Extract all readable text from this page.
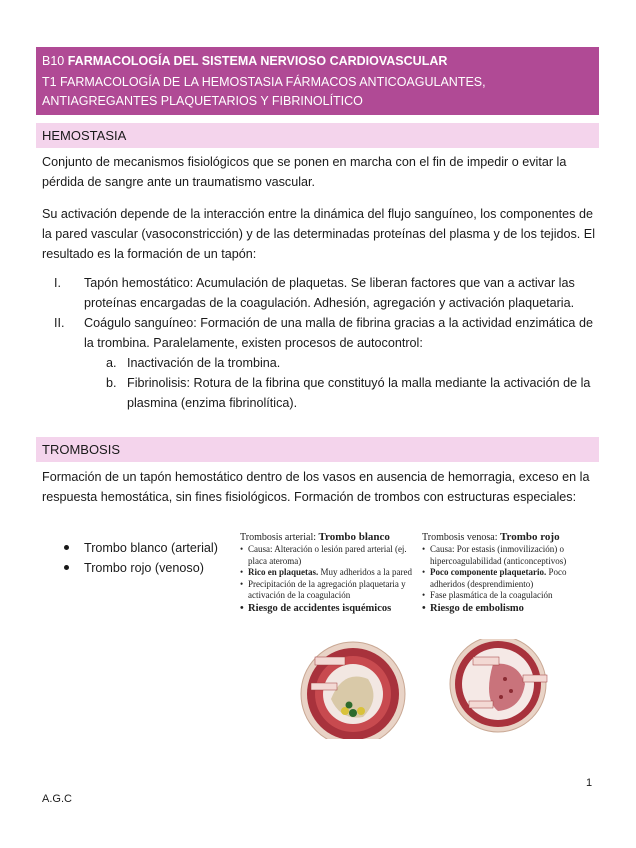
B10 FARMACOLOGÍA DEL SISTEMA NERVIOSO CARDIOVASCULAR
T1 FARMACOLOGÍA DE LA HEMOSTASIA FÁRMACOS ANTICOAGULANTES, ANTIAGREGANTES PLAQUETARIOS Y FIBRINOLÍTICO
HEMOSTASIA
Conjunto de mecanismos fisiológicos que se ponen en marcha con el fin de impedir o evitar la pérdida de sangre ante un traumatismo vascular.
Su activación depende de la interacción entre la dinámica del flujo sanguíneo, los componentes de la pared vascular (vasoconstricción) y de las determinadas proteínas del plasma y de los tejidos. El resultado es la formación de un tapón:
I. Tapón hemostático: Acumulación de plaquetas. Se liberan factores que van a activar las proteínas encargadas de la coagulación. Adhesión, agregación y activación plaquetaria.
II. Coágulo sanguíneo: Formación de una malla de fibrina gracias a la actividad enzimática de la trombina. Paralelamente, existen procesos de autocontrol:
a. Inactivación de la trombina.
b. Fibrinolisis: Rotura de la fibrina que constituyó la malla mediante la activación de la plasmina (enzima fibrinolítica).
TROMBOSIS
Formación de un tapón hemostático dentro de los vasos en ausencia de hemorragia, exceso en la respuesta hemostática, sin fines fisiológicos. Formación de trombos con estructuras especiales:
Trombo blanco (arterial)
Trombo rojo (venoso)
Trombosis arterial: Trombo blanco
• Causa: Alteración o lesión pared arterial (ej. placa ateroma)
• Rico en plaquetas. Muy adheridos a la pared
• Precipitación de la agregación plaquetaria y activación de la coagulación
• Riesgo de accidentes isquémicos
Trombosis venosa: Trombo rojo
• Causa: Por estasis (inmovilización) o hipercoagulabilidad (anticonceptivos)
• Poco componente plaquetario. Poco adheridos (desprendimiento)
• Fase plasmática de la coagulación
• Riesgo de embolismo
1
A.G.C
